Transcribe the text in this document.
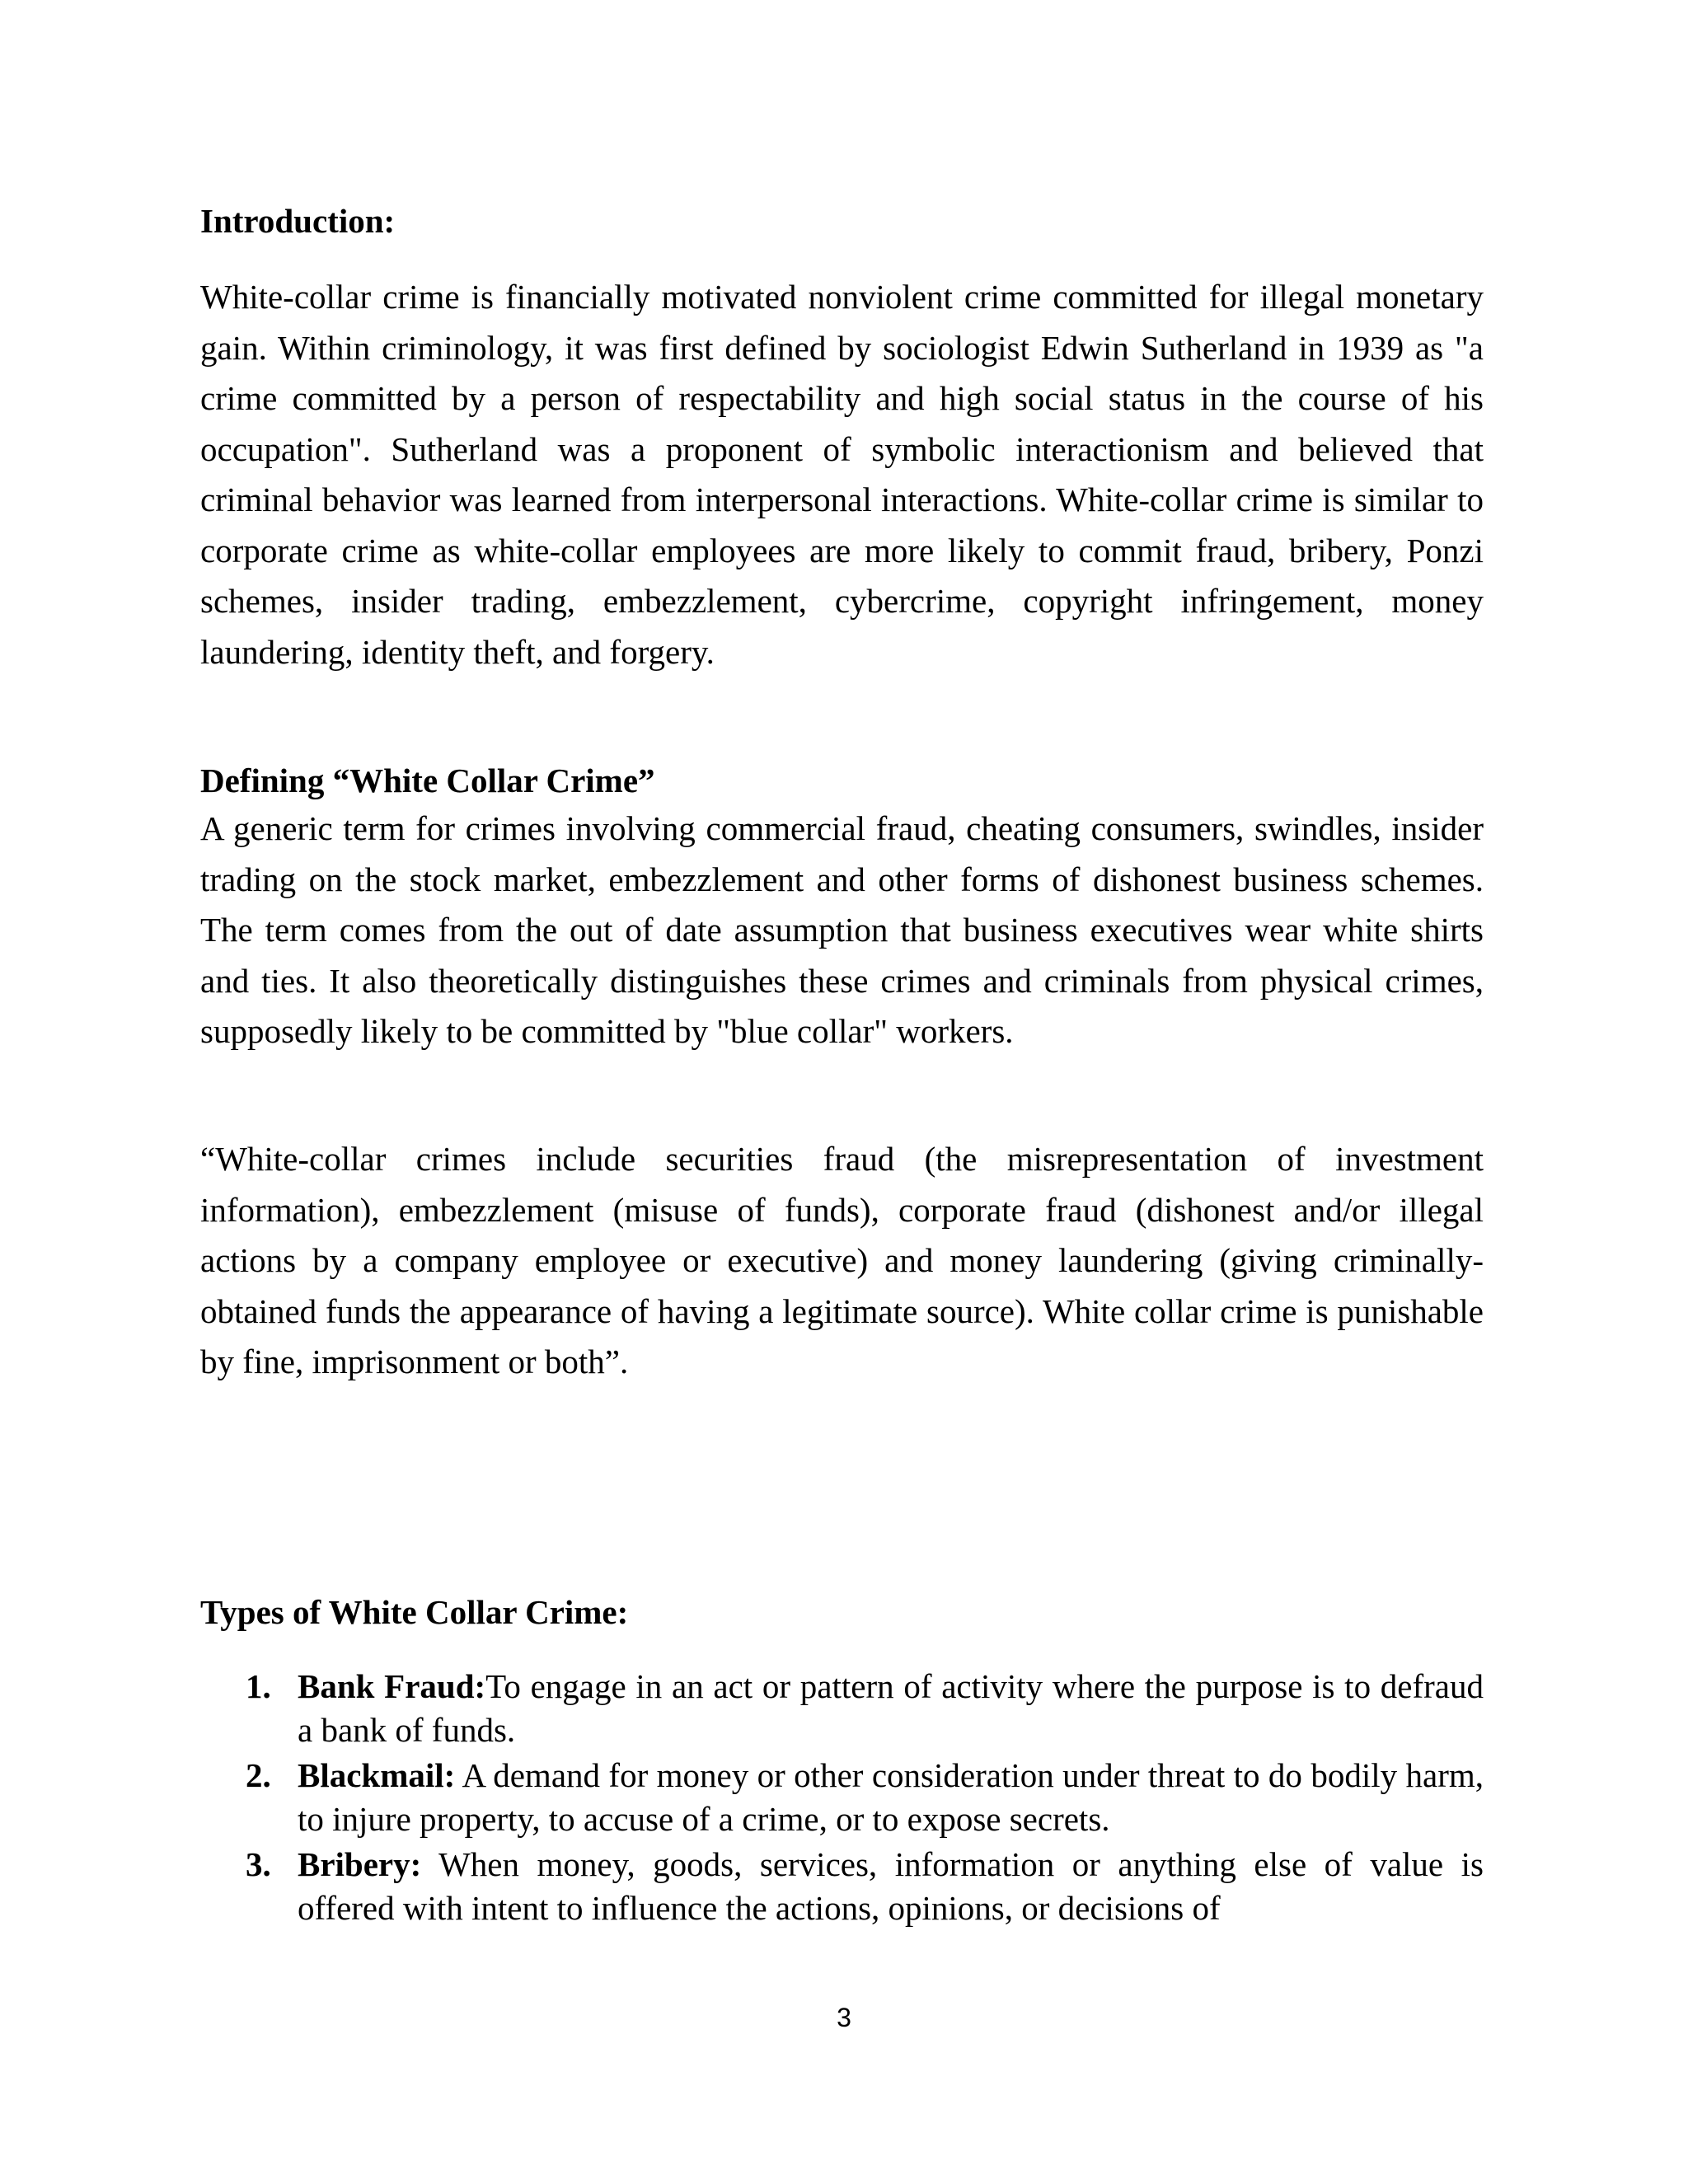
Introduction:

White-collar crime is financially motivated nonviolent crime committed for illegal monetary gain. Within criminology, it was first defined by sociologist Edwin Sutherland in 1939 as "a crime committed by a person of respectability and high social status in the course of his occupation". Sutherland was a proponent of symbolic interactionism and believed that criminal behavior was learned from interpersonal interactions. White-collar crime is similar to corporate crime as white-collar employees are more likely to commit fraud, bribery, Ponzi schemes, insider trading, embezzlement, cybercrime, copyright infringement, money laundering, identity theft, and forgery.

Defining “White Collar Crime”

A generic term for crimes involving commercial fraud, cheating consumers, swindles, insider trading on the stock market, embezzlement and other forms of dishonest business schemes. The term comes from the out of date assumption that business executives wear white shirts and ties. It also theoretically distinguishes these crimes and criminals from physical crimes, supposedly likely to be committed by "blue collar" workers.

“White-collar crimes include securities fraud (the misrepresentation of investment information), embezzlement (misuse of funds), corporate fraud (dishonest and/or illegal actions by a company employee or executive) and money laundering (giving criminally-obtained funds the appearance of having a legitimate source). White collar crime is punishable by fine, imprisonment or both”.

Types of White Collar Crime:
1. Bank Fraud:To engage in an act or pattern of activity where the purpose is to defraud a bank of funds.
2. Blackmail: A demand for money or other consideration under threat to do bodily harm, to injure property, to accuse of a crime, or to expose secrets.
3. Bribery: When money, goods, services, information or anything else of value is offered with intent to influence the actions, opinions, or decisions of
3
